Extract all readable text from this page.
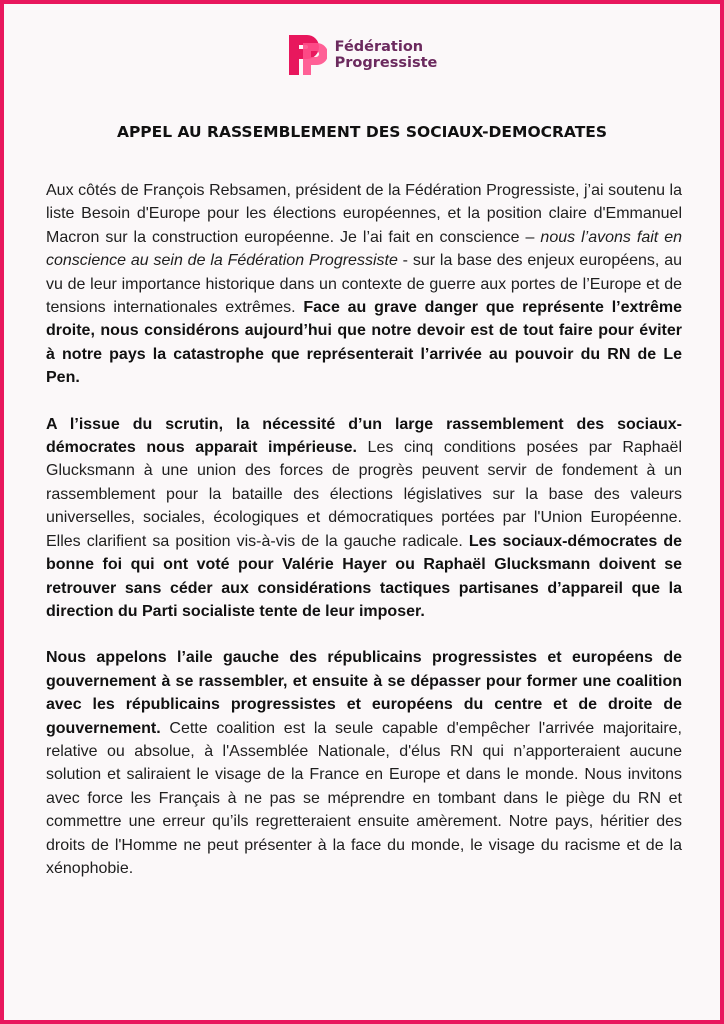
Fédération
Progressiste
APPEL AU RASSEMBLEMENT DES SOCIAUX-DEMOCRATES

Aux côtés de François Rebsamen, président de la Fédération Progressiste, j’ai soutenu la liste Besoin d'Europe pour les élections européennes, et la position claire d'Emmanuel Macron sur la construction européenne. Je l’ai fait en conscience – nous l’avons fait en conscience au sein de la Fédération Progressiste - sur la base des enjeux européens, au vu de leur importance historique dans un contexte de guerre aux portes de l’Europe et de tensions internationales extrêmes. Face au grave danger que représente l’extrême droite, nous considérons aujourd’hui que notre devoir est de tout faire pour éviter à notre pays la catastrophe que représenterait l’arrivée au pouvoir du RN de Le Pen.

A l’issue du scrutin, la nécessité d’un large rassemblement des sociaux-démocrates nous apparait impérieuse. Les cinq conditions posées par Raphaël Glucksmann à une union des forces de progrès peuvent servir de fondement à un rassemblement pour la bataille des élections législatives sur la base des valeurs universelles, sociales, écologiques et démocratiques portées par l'Union Européenne. Elles clarifient sa position vis-à-vis de la gauche radicale. Les sociaux-démocrates de bonne foi qui ont voté pour Valérie Hayer ou Raphaël Glucksmann doivent se retrouver sans céder aux considérations tactiques partisanes d’appareil que la direction du Parti socialiste tente de leur imposer.

Nous appelons l’aile gauche des républicains progressistes et européens de gouvernement à se rassembler, et ensuite à se dépasser pour former une coalition avec les républicains progressistes et européens du centre et de droite de gouvernement. Cette coalition est la seule capable d'empêcher l'arrivée majoritaire, relative ou absolue, à l'Assemblée Nationale, d'élus RN qui n’apporteraient aucune solution et saliraient le visage de la France en Europe et dans le monde. Nous invitons avec force les Français à ne pas se méprendre en tombant dans le piège du RN et commettre une erreur qu’ils regretteraient ensuite amèrement. Notre pays, héritier des droits de l'Homme ne peut présenter à la face du monde, le visage du racisme et de la xénophobie.
